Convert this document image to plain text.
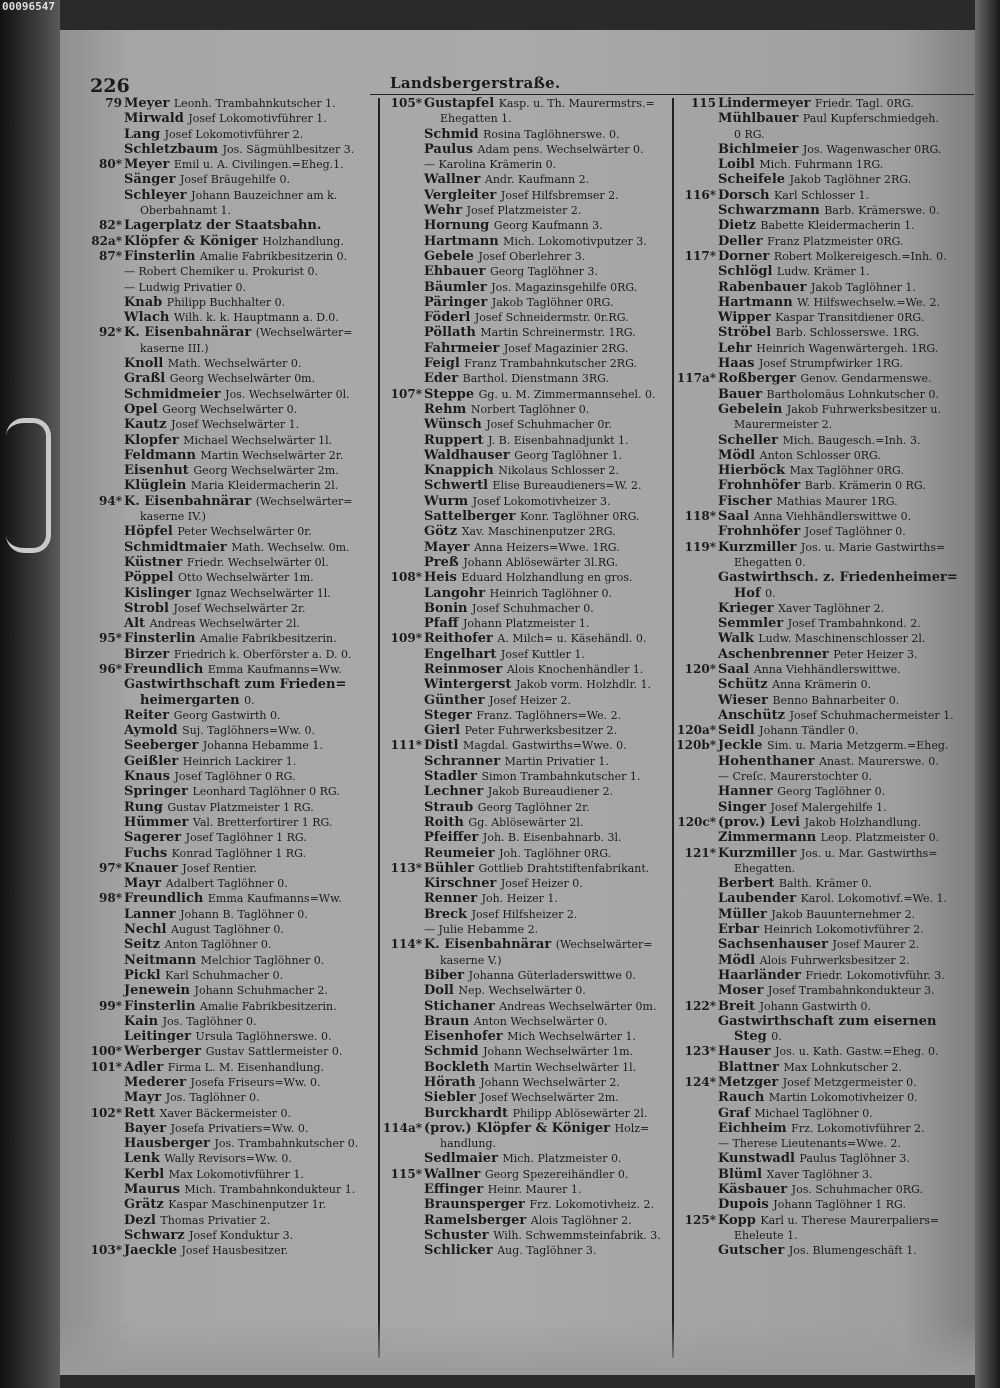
00096547
226	Landsbergerstraße.
79 Meyer Leonh. Trambahnkutscher 1.
Mirwald Josef Lokomotivführer 1.
Lang Josef Lokomotivführer 2.
Schletzbaum Jos. Sägmühlbesitzer 3.
80* Meyer Emil u. A. Civilingen.=Eheg.1.
Sänger Josef Bräugehilfe 0.
Schleyer Johann Bauzeichner am k.
Oberbahnamt 1.
82* Lagerplatz der Staatsbahn.
82a* Klöpfer & Königer Holzhandlung.
87* Finsterlin Amalie Fabrikbesitzerin 0.
— Robert Chemiker u. Prokurist 0.
— Ludwig Privatier 0.
Knab Philipp Buchhalter 0.
Wlach Wilh. k. k. Hauptmann a. D.0.
92* K. Eisenbahnärar (Wechselwärter=
kaserne III.)
Knoll Math. Wechselwärter 0.
Graßl Georg Wechselwärter 0m.
Schmidmeier Jos. Wechselwärter 0l.
Opel Georg Wechselwärter 0.
Kautz Josef Wechselwärter 1.
Klopfer Michael Wechselwärter 1l.
Feldmann Martin Wechselwärter 2r.
Eisenhut Georg Wechselwärter 2m.
Klüglein Maria Kleidermacherin 2l.
94* K. Eisenbahnärar (Wechselwärter=
kaserne IV.)
Höpfel Peter Wechselwärter 0r.
Schmidtmaier Math. Wechselw. 0m.
Küstner Friedr. Wechselwärter 0l.
Pöppel Otto Wechselwärter 1m.
Kislinger Ignaz Wechselwärter 1l.
Strobl Josef Wechselwärter 2r.
Alt Andreas Wechselwärter 2l.
95* Finsterlin Amalie Fabrikbesitzerin.
Birzer Friedrich k. Oberförster a. D. 0.
96* Freundlich Emma Kaufmanns=Ww.
Gastwirthschaft zum Frieden=
heimergarten 0.
Reiter Georg Gastwirth 0.
Aymold Suj. Taglöhners=Ww. 0.
Seeberger Johanna Hebamme 1.
Geißler Heinrich Lackirer 1.
Knaus Josef Taglöhner 0 RG.
Springer Leonhard Taglöhner 0 RG.
Rung Gustav Platzmeister 1 RG.
Hümmer Val. Bretterfortirer 1 RG.
Sagerer Josef Taglöhner 1 RG.
Fuchs Konrad Taglöhner 1 RG.
97* Knauer Josef Rentier.
Mayr Adalbert Taglöhner 0.
98* Freundlich Emma Kaufmanns=Ww.
Lanner Johann B. Taglöhner 0.
Nechl August Taglöhner 0.
Seitz Anton Taglöhner 0.
Neitmann Melchior Taglöhner 0.
Pickl Karl Schuhmacher 0.
Jenewein Johann Schuhmacher 2.
99* Finsterlin Amalie Fabrikbesitzerin.
Kain Jos. Taglöhner 0.
Leitinger Ursula Taglöhnerswe. 0.
100* Werberger Gustav Sattlermeister 0.
101* Adler Firma L. M. Eisenhandlung.
Mederer Josefa Friseurs=Ww. 0.
Mayr Jos. Taglöhner 0.
102* Rett Xaver Bäckermeister 0.
Bayer Josefa Privatiers=Ww. 0.
Hausberger Jos. Trambahnkutscher 0.
Lenk Wally Revisors=Ww. 0.
Kerbl Max Lokomotivführer 1.
Maurus Mich. Trambahnkondukteur 1.
Grätz Kaspar Maschinenputzer 1r.
Dezl Thomas Privatier 2.
Schwarz Josef Konduktur 3.
103* Jaeckle Josef Hausbesitzer.
105* Gustapfel Kasp. u. Th. Maurermstrs.=
Ehegatten 1.
Schmid Rosina Taglöhnerswe. 0.
Paulus Adam pens. Wechselwärter 0.
— Karolina Krämerin 0.
Wallner Andr. Kaufmann 2.
Vergleiter Josef Hilfsbremser 2.
Wehr Josef Platzmeister 2.
Hornung Georg Kaufmann 3.
Hartmann Mich. Lokomotivputzer 3.
Gebele Josef Oberlehrer 3.
Ehbauer Georg Taglöhner 3.
Bäumler Jos. Magazinsgehilfe 0RG.
Päringer Jakob Taglöhner 0RG.
Föderl Josef Schneidermstr. 0r.RG.
Pöllath Martin Schreinermstr. 1RG.
Fahrmeier Josef Magazinier 2RG.
Feigl Franz Trambahnkutscher 2RG.
Eder Barthol. Dienstmann 3RG.
107* Steppe Gg. u. M. Zimmermannsehel. 0.
Rehm Norbert Taglöhner 0.
Wünsch Josef Schuhmacher 0r.
Ruppert J. B. Eisenbahnadjunkt 1.
Waldhauser Georg Taglöhner 1.
Knappich Nikolaus Schlosser 2.
Schwertl Elise Bureaudieners=W. 2.
Wurm Josef Lokomotivheizer 3.
Sattelberger Konr. Taglöhner 0RG.
Götz Xav. Maschinenputzer 2RG.
Mayer Anna Heizers=Wwe. 1RG.
Preß Johann Ablösewärter 3l.RG.
108* Heis Eduard Holzhandlung en gros.
Langohr Heinrich Taglöhner 0.
Bonin Josef Schuhmacher 0.
Pfaff Johann Platzmeister 1.
109* Reithofer A. Milch= u. Käsehändl. 0.
Engelhart Josef Kuttler 1.
Reinmoser Alois Knochenhändler 1.
Wintergerst Jakob vorm. Holzhdlr. 1.
Günther Josef Heizer 2.
Steger Franz. Taglöhners=We. 2.
Gierl Peter Fuhrwerksbesitzer 2.
111* Distl Magdal. Gastwirths=Wwe. 0.
Schranner Martin Privatier 1.
Stadler Simon Trambahnkutscher 1.
Lechner Jakob Bureaudiener 2.
Straub Georg Taglöhner 2r.
Roith Gg. Ablösewärter 2l.
Pfeiffer Joh. B. Eisenbahnarb. 3l.
Reumeier Joh. Taglöhner 0RG.
113* Bühler Gottlieb Drahtstiftenfabrikant.
Kirschner Josef Heizer 0.
Renner Joh. Heizer 1.
Breck Josef Hilfsheizer 2.
— Julie Hebamme 2.
114* K. Eisenbahnärar (Wechselwärter=
kaserne V.)
Biber Johanna Güterladerswittwe 0.
Doll Nep. Wechselwärter 0.
Stichaner Andreas Wechselwärter 0m.
Braun Anton Wechselwärter 0.
Eisenhofer Mich Wechselwärter 1.
Schmid Johann Wechselwärter 1m.
Bockleth Martin Wechselwärter 1l.
Hörath Johann Wechselwärter 2.
Siebler Josef Wechselwärter 2m.
Burckhardt Philipp Ablösewärter 2l.
114a* (prov.) Klöpfer & Königer Holz=
handlung.
Sedlmaier Mich. Platzmeister 0.
115* Wallner Georg Spezereihändler 0.
Effinger Heinr. Maurer 1.
Braunsperger Frz. Lokomotivheiz. 2.
Ramelsberger Alois Taglöhner 2.
Schuster Wilh. Schwemmsteinfabrik. 3.
Schlicker Aug. Taglöhner 3.
115 Lindermeyer Friedr. Tagl. 0RG.
Mühlbauer Paul Kupferschmiedgeh.
0 RG.
Bichlmeier Jos. Wagenwascher 0RG.
Loibl Mich. Fuhrmann 1RG.
Scheifele Jakob Taglöhner 2RG.
116* Dorsch Karl Schlosser 1.
Schwarzmann Barb. Krämerswe. 0.
Dietz Babette Kleidermacherin 1.
Deller Franz Platzmeister 0RG.
117* Dorner Robert Molkereigesch.=Inh. 0.
Schlögl Ludw. Krämer 1.
Rabenbauer Jakob Taglöhner 1.
Hartmann W. Hilfswechselw.=We. 2.
Wipper Kaspar Transitdiener 0RG.
Ströbel Barb. Schlosserswe. 1RG.
Lehr Heinrich Wagenwärtergeh. 1RG.
Haas Josef Strumpfwirker 1RG.
117a* Roßberger Genov. Gendarmenswe.
Bauer Bartholomäus Lohnkutscher 0.
Gebelein Jakob Fuhrwerksbesitzer u.
Maurermeister 2.
Scheller Mich. Baugesch.=Inh. 3.
Mödl Anton Schlosser 0RG.
Hierböck Max Taglöhner 0RG.
Frohnhöfer Barb. Krämerin 0 RG.
Fischer Mathias Maurer 1RG.
118* Saal Anna Viehhändlerswittwe 0.
Frohnhöfer Josef Taglöhner 0.
119* Kurzmiller Jos. u. Marie Gastwirths=
Ehegatten 0.
Gastwirthsch. z. Friedenheimer=
Hof 0.
Krieger Xaver Taglöhner 2.
Semmler Josef Trambahnkond. 2.
Walk Ludw. Maschinenschlosser 2l.
Aschenbrenner Peter Heizer 3.
120* Saal Anna Viehhändlerswittwe.
Schütz Anna Krämerin 0.
Wieser Benno Bahnarbeiter 0.
Anschütz Josef Schuhmachermeister 1.
120a* Seidl Johann Tändler 0.
120b* Jeckle Sim. u. Maria Metzgerm.=Eheg.
Hohenthaner Anast. Maurerswe. 0.
— Creſc. Maurerstochter 0.
Hanner Georg Taglöhner 0.
Singer Josef Malergehilfe 1.
120c* (prov.) Levi Jakob Holzhandlung.
Zimmermann Leop. Platzmeister 0.
121* Kurzmiller Jos. u. Mar. Gastwirths=
Ehegatten.
Berbert Balth. Krämer 0.
Laubender Karol. Lokomotivf.=We. 1.
Müller Jakob Bauunternehmer 2.
Erbar Heinrich Lokomotivführer 2.
Sachsenhauser Josef Maurer 2.
Mödl Alois Fuhrwerksbesitzer 2.
Haarländer Friedr. Lokomotivführ. 3.
Moser Josef Trambahnkondukteur 3.
122* Breit Johann Gastwirth 0.
Gastwirthschaft zum eisernen
Steg 0.
123* Hauser Jos. u. Kath. Gastw.=Eheg. 0.
Blattner Max Lohnkutscher 2.
124* Metzger Josef Metzgermeister 0.
Rauch Martin Lokomotivheizer 0.
Graf Michael Taglöhner 0.
Eichheim Frz. Lokomotivführer 2.
— Therese Lieutenants=Wwe. 2.
Kunstwadl Paulus Taglöhner 3.
Blüml Xaver Taglöhner 3.
Käsbauer Jos. Schuhmacher 0RG.
Dupois Johann Taglöhner 1 RG.
125* Kopp Karl u. Therese Maurerpaliers=
Eheleute 1.
Gutscher Jos. Blumengeschäft 1.
